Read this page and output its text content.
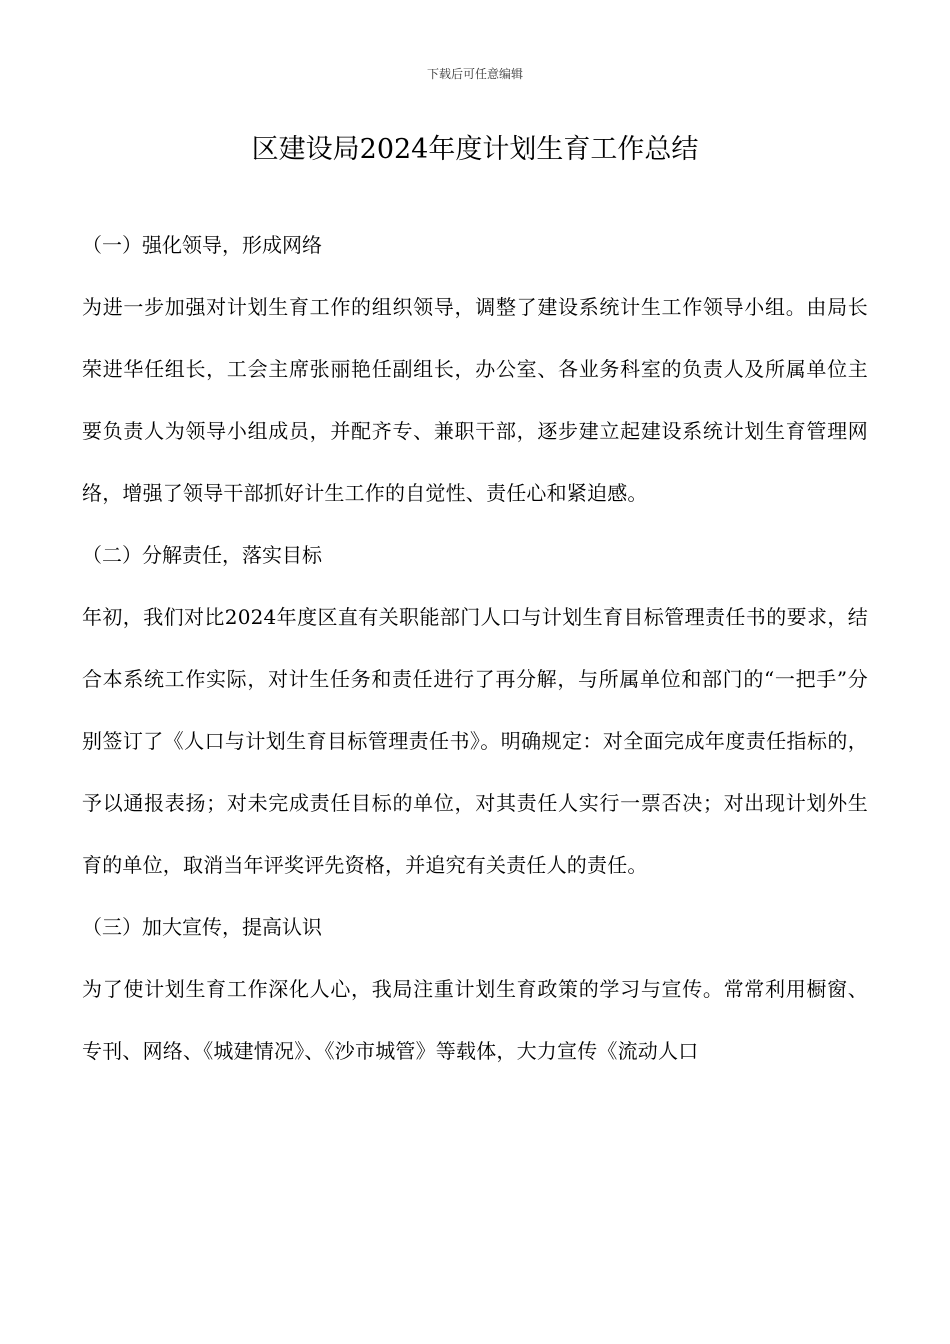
下载后可任意编辑
区建设局2024年度计划生育工作总结
（一）强化领导，形成网络

为进一步加强对计划生育工作的组织领导，调整了建设系统计生工作领导小组。由局长荣进华任组长，工会主席张丽艳任副组长，办公室、各业务科室的负责人及所属单位主要负责人为领导小组成员，并配齐专、兼职干部，逐步建立起建设系统计划生育管理网络，增强了领导干部抓好计生工作的自觉性、责任心和紧迫感。

（二）分解责任，落实目标

年初，我们对比2024年度区直有关职能部门人口与计划生育目标管理责任书的要求，结合本系统工作实际，对计生任务和责任进行了再分解，与所属单位和部门的“一把手”分别签订了《人口与计划生育目标管理责任书》。明确规定：对全面完成年度责任指标的，予以通报表扬；对未完成责任目标的单位，对其责任人实行一票否决；对出现计划外生育的单位，取消当年评奖评先资格，并追究有关责任人的责任。

（三）加大宣传，提高认识

为了使计划生育工作深化人心，我局注重计划生育政策的学习与宣传。常常利用橱窗、专刊、网络、《城建情况》、《沙市城管》等载体，大力宣传《流动人口
